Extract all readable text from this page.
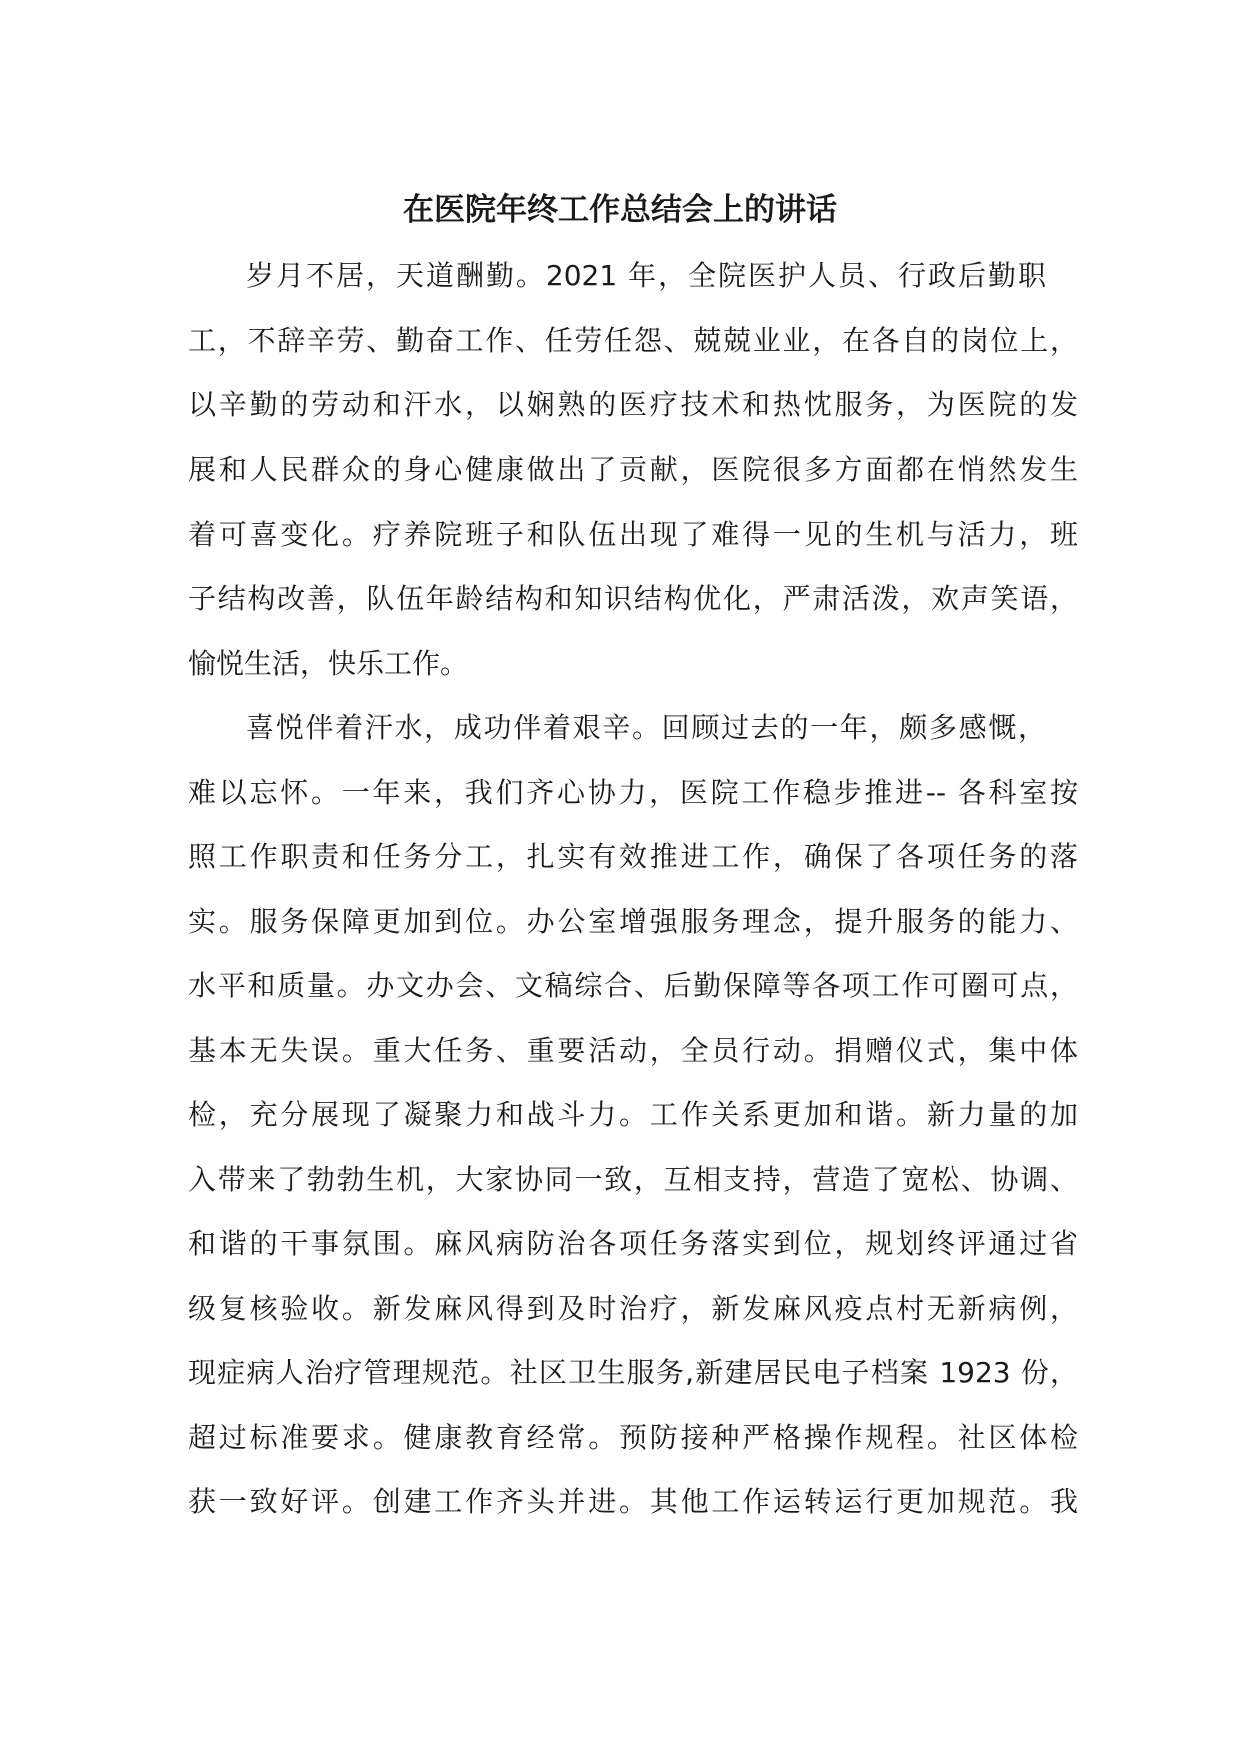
在医院年终工作总结会上的讲话
岁月不居，天道酬勤。2021 年，全院医护人员、行政后勤职
工，不辞辛劳、勤奋工作、任劳任怨、兢兢业业，在各自的岗位上，
以辛勤的劳动和汗水，以娴熟的医疗技术和热忱服务，为医院的发
展和人民群众的身心健康做出了贡献，医院很多方面都在悄然发生
着可喜变化。疗养院班子和队伍出现了难得一见的生机与活力，班
子结构改善，队伍年龄结构和知识结构优化，严肃活泼，欢声笑语，
愉悦生活，快乐工作。
喜悦伴着汗水，成功伴着艰辛。回顾过去的一年，颇多感慨，
难以忘怀。一年来，我们齐心协力，医院工作稳步推进-- 各科室按
照工作职责和任务分工，扎实有效推进工作，确保了各项任务的落
实。服务保障更加到位。办公室增强服务理念，提升服务的能力、
水平和质量。办文办会、文稿综合、后勤保障等各项工作可圈可点，
基本无失误。重大任务、重要活动，全员行动。捐赠仪式，集中体
检，充分展现了凝聚力和战斗力。工作关系更加和谐。新力量的加
入带来了勃勃生机，大家协同一致，互相支持，营造了宽松、协调、
和谐的干事氛围。麻风病防治各项任务落实到位，规划终评通过省
级复核验收。新发麻风得到及时治疗，新发麻风疫点村无新病例，
现症病人治疗管理规范。社区卫生服务,新建居民电子档案 1923 份，
超过标准要求。健康教育经常。预防接种严格操作规程。社区体检
获一致好评。创建工作齐头并进。其他工作运转运行更加规范。我
